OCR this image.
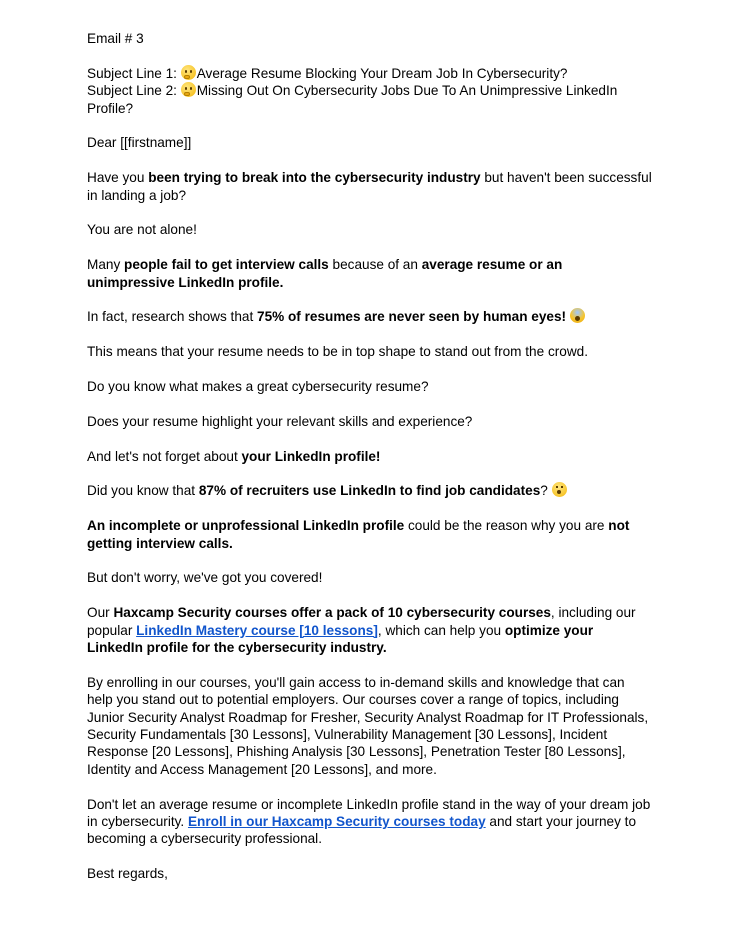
Email # 3

Subject Line 1: Average Resume Blocking Your Dream Job In Cybersecurity?

Subject Line 2: Missing Out On Cybersecurity Jobs Due To An Unimpressive LinkedIn Profile?

Dear [[firstname]]

Have you been trying to break into the cybersecurity industry but haven't been successful in landing a job?

You are not alone!

Many people fail to get interview calls because of an average resume or an unimpressive LinkedIn profile.

In fact, research shows that 75% of resumes are never seen by human eyes!

This means that your resume needs to be in top shape to stand out from the crowd.

Do you know what makes a great cybersecurity resume?

Does your resume highlight your relevant skills and experience?

And let's not forget about your LinkedIn profile!

Did you know that 87% of recruiters use LinkedIn to find job candidates?

An incomplete or unprofessional LinkedIn profile could be the reason why you are not getting interview calls.

But don't worry, we've got you covered!

Our Haxcamp Security courses offer a pack of 10 cybersecurity courses, including our popular LinkedIn Mastery course [10 lessons], which can help you optimize your LinkedIn profile for the cybersecurity industry.

By enrolling in our courses, you'll gain access to in-demand skills and knowledge that can help you stand out to potential employers. Our courses cover a range of topics, including Junior Security Analyst Roadmap for Fresher, Security Analyst Roadmap for IT Professionals, Security Fundamentals [30 Lessons], Vulnerability Management [30 Lessons], Incident Response [20 Lessons], Phishing Analysis [30 Lessons], Penetration Tester [80 Lessons], Identity and Access Management [20 Lessons], and more.

Don't let an average resume or incomplete LinkedIn profile stand in the way of your dream job in cybersecurity. Enroll in our Haxcamp Security courses today and start your journey to becoming a cybersecurity professional.

Best regards,
